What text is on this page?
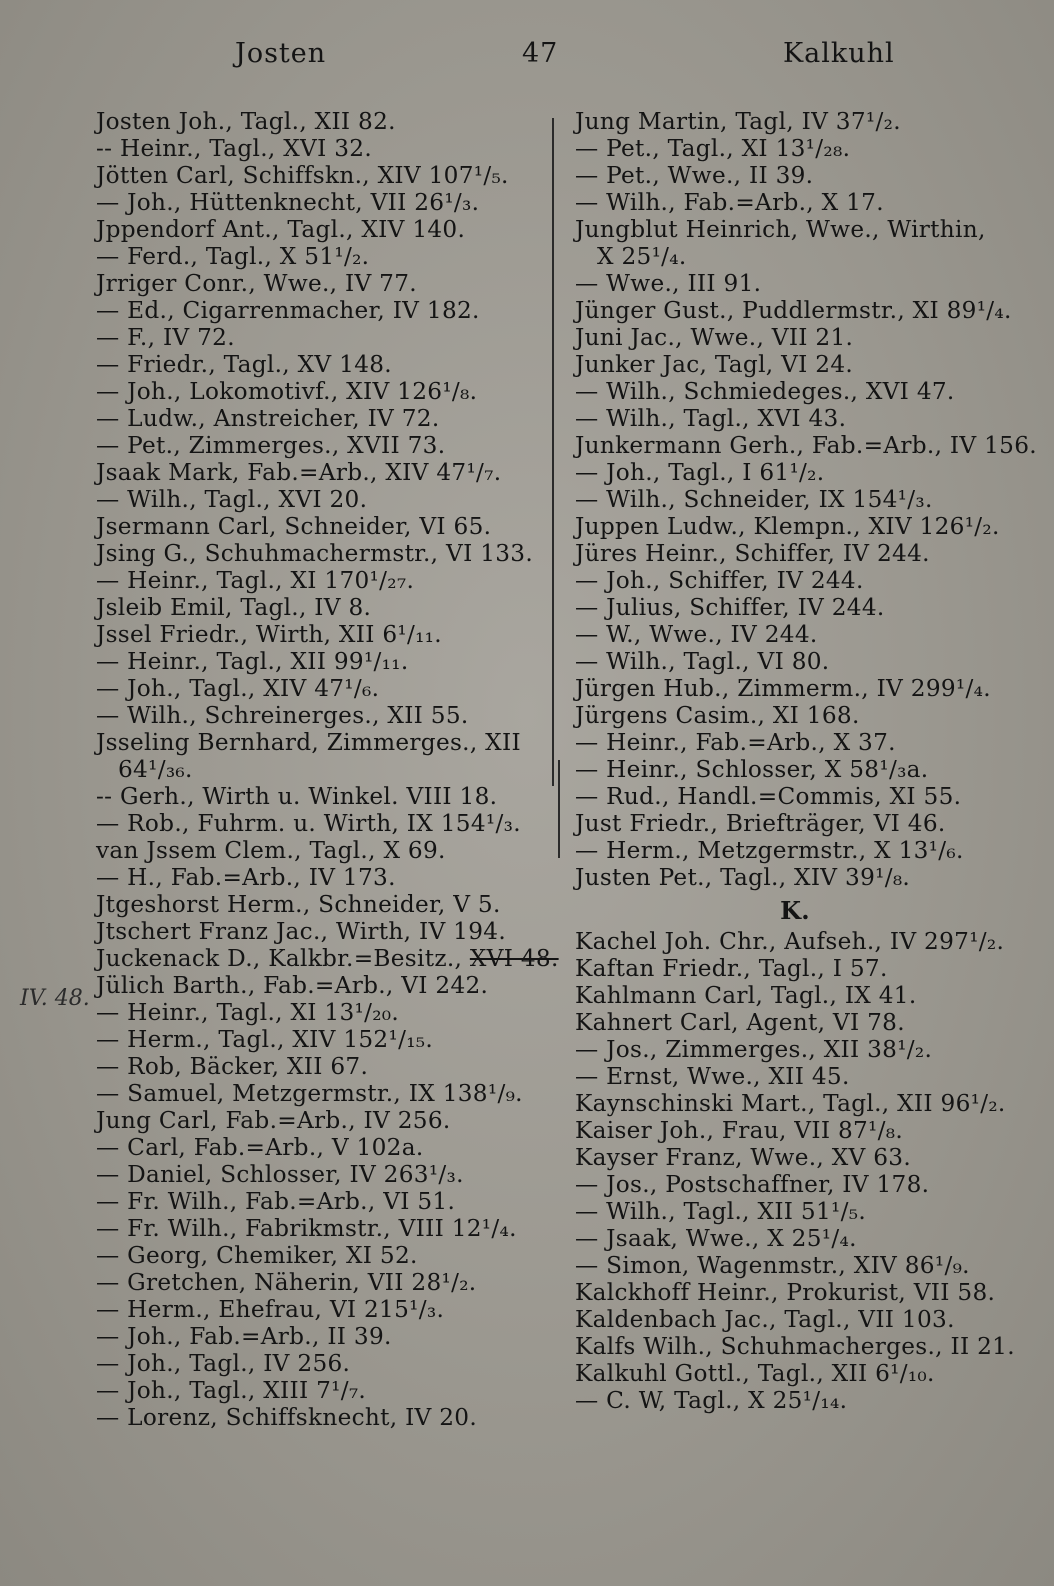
Josten	47	Kalkuhl
IV. 48.
Josten Joh., Tagl., XII 82.
-- Heinr., Tagl., XVI 32.
Jötten Carl, Schiffskn., XIV 107¹/₅.
— Joh., Hüttenknecht, VII 26¹/₃.
Jppendorf Ant., Tagl., XIV 140.
— Ferd., Tagl., X 51¹/₂.
Jrriger Conr., Wwe., IV 77.
— Ed., Cigarrenmacher, IV 182.
— F., IV 72.
— Friedr., Tagl., XV 148.
— Joh., Lokomotivf., XIV 126¹/₈.
— Ludw., Anstreicher, IV 72.
— Pet., Zimmerges., XVII 73.
Jsaak Mark, Fab.=Arb., XIV 47¹/₇.
— Wilh., Tagl., XVI 20.
Jsermann Carl, Schneider, VI 65.
Jsing G., Schuhmachermstr., VI 133.
— Heinr., Tagl., XI 170¹/₂₇.
Jsleib Emil, Tagl., IV 8.
Jssel Friedr., Wirth, XII 6¹/₁₁.
— Heinr., Tagl., XII 99¹/₁₁.
— Joh., Tagl., XIV 47¹/₆.
— Wilh., Schreinerges., XII 55.
Jsseling Bernhard, Zimmerges., XII
64¹/₃₆.
-- Gerh., Wirth u. Winkel. VIII 18.
— Rob., Fuhrm. u. Wirth, IX 154¹/₃.
van Jssem Clem., Tagl., X 69.
— H., Fab.=Arb., IV 173.
Jtgeshorst Herm., Schneider, V 5.
Jtschert Franz Jac., Wirth, IV 194.
Juckenack D., Kalkbr.=Besitz., XVI 48.
Jülich Barth., Fab.=Arb., VI 242.
— Heinr., Tagl., XI 13¹/₂₀.
— Herm., Tagl., XIV 152¹/₁₅.
— Rob, Bäcker, XII 67.
— Samuel, Metzgermstr., IX 138¹/₉.
Jung Carl, Fab.=Arb., IV 256.
— Carl, Fab.=Arb., V 102a.
— Daniel, Schlosser, IV 263¹/₃.
— Fr. Wilh., Fab.=Arb., VI 51.
— Fr. Wilh., Fabrikmstr., VIII 12¹/₄.
— Georg, Chemiker, XI 52.
— Gretchen, Näherin, VII 28¹/₂.
— Herm., Ehefrau, VI 215¹/₃.
— Joh., Fab.=Arb., II 39.
— Joh., Tagl., IV 256.
— Joh., Tagl., XIII 7¹/₇.
— Lorenz, Schiffsknecht, IV 20.
Jung Martin, Tagl, IV 37¹/₂.
— Pet., Tagl., XI 13¹/₂₈.
— Pet., Wwe., II 39.
— Wilh., Fab.=Arb., X 17.
Jungblut Heinrich, Wwe., Wirthin,
X 25¹/₄.
— Wwe., III 91.
Jünger Gust., Puddlermstr., XI 89¹/₄.
Juni Jac., Wwe., VII 21.
Junker Jac, Tagl, VI 24.
— Wilh., Schmiedeges., XVI 47.
— Wilh., Tagl., XVI 43.
Junkermann Gerh., Fab.=Arb., IV 156.
— Joh., Tagl., I 61¹/₂.
— Wilh., Schneider, IX 154¹/₃.
Juppen Ludw., Klempn., XIV 126¹/₂.
Jüres Heinr., Schiffer, IV 244.
— Joh., Schiffer, IV 244.
— Julius, Schiffer, IV 244.
— W., Wwe., IV 244.
— Wilh., Tagl., VI 80.
Jürgen Hub., Zimmerm., IV 299¹/₄.
Jürgens Casim., XI 168.
— Heinr., Fab.=Arb., X 37.
— Heinr., Schlosser, X 58¹/₃a.
— Rud., Handl.=Commis, XI 55.
Just Friedr., Briefträger, VI 46.
— Herm., Metzgermstr., X 13¹/₆.
Justen Pet., Tagl., XIV 39¹/₈.
K.
Kachel Joh. Chr., Aufseh., IV 297¹/₂.
Kaftan Friedr., Tagl., I 57.
Kahlmann Carl, Tagl., IX 41.
Kahnert Carl, Agent, VI 78.
— Jos., Zimmerges., XII 38¹/₂.
— Ernst, Wwe., XII 45.
Kaynschinski Mart., Tagl., XII 96¹/₂.
Kaiser Joh., Frau, VII 87¹/₈.
Kayser Franz, Wwe., XV 63.
— Jos., Postschaffner, IV 178.
— Wilh., Tagl., XII 51¹/₅.
— Jsaak, Wwe., X 25¹/₄.
— Simon, Wagenmstr., XIV 86¹/₉.
Kalckhoff Heinr., Prokurist, VII 58.
Kaldenbach Jac., Tagl., VII 103.
Kalfs Wilh., Schuhmacherges., II 21.
Kalkuhl Gottl., Tagl., XII 6¹/₁₀.
— C. W, Tagl., X 25¹/₁₄.
